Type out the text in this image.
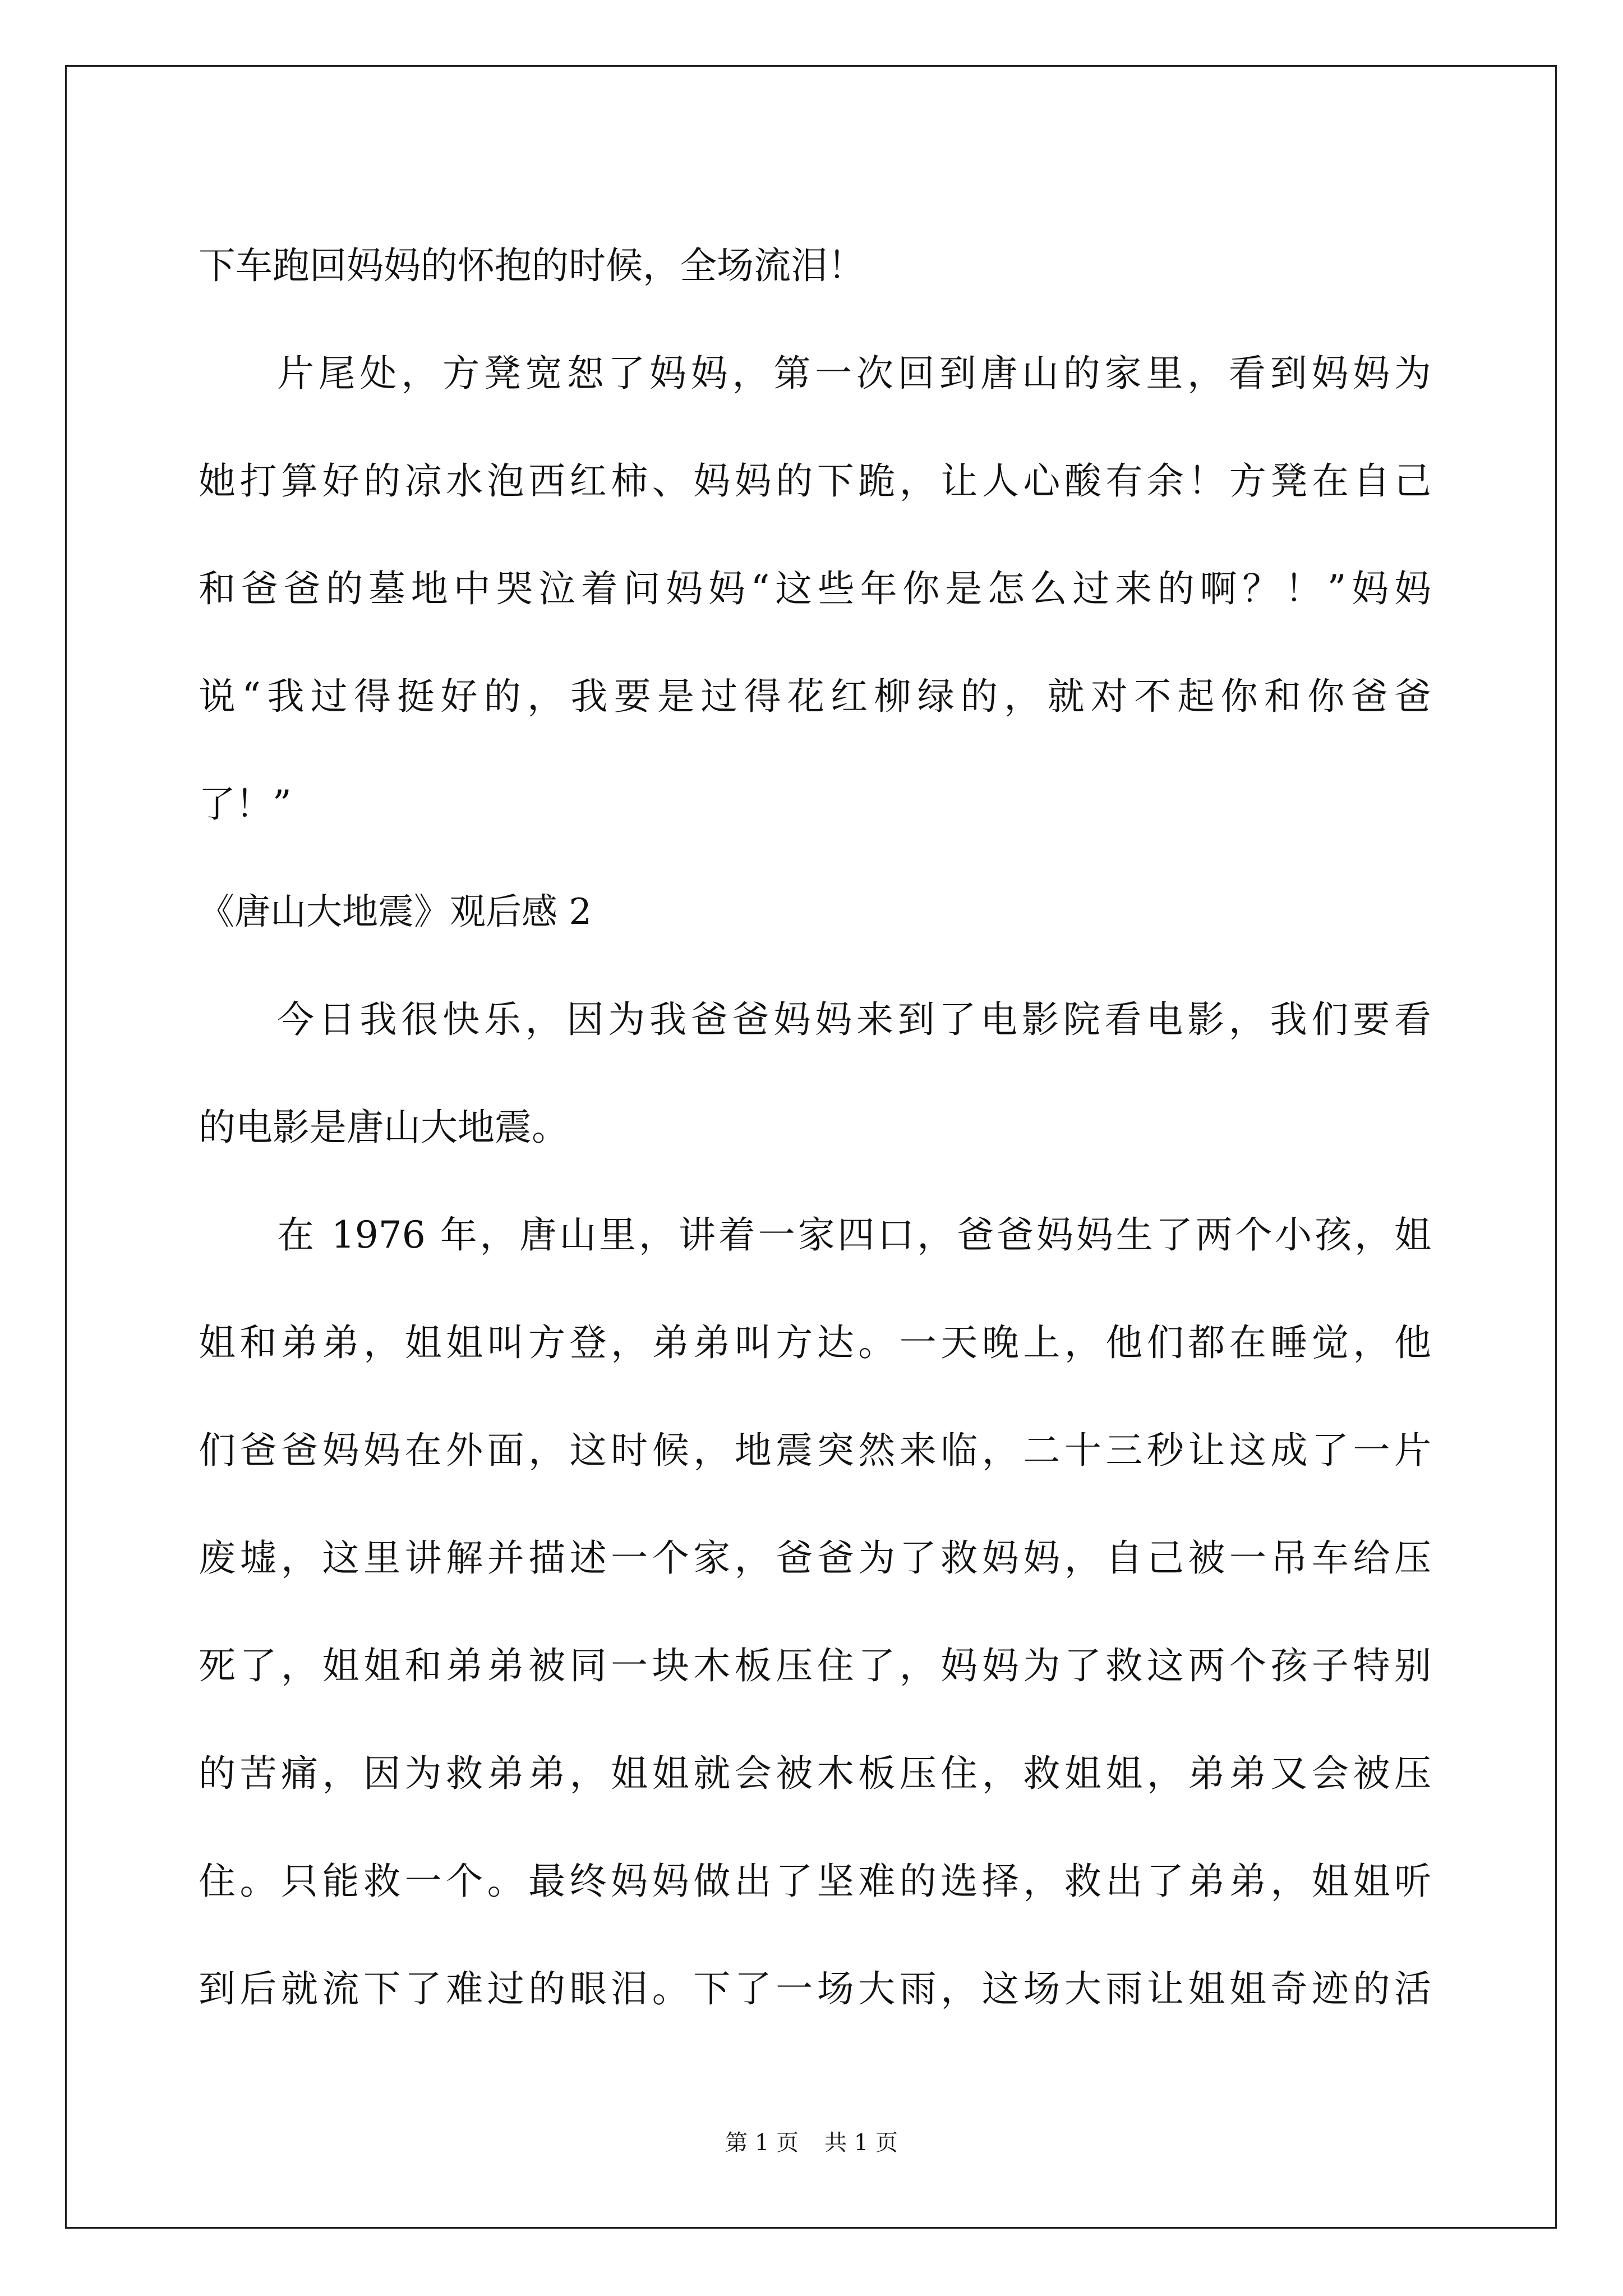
下车跑回妈妈的怀抱的时候，全场流泪！
片尾处，方凳宽恕了妈妈，第一次回到唐山的家里，看到妈妈为
她打算好的凉水泡西红柿、妈妈的下跪，让人心酸有余！方凳在自己
和爸爸的墓地中哭泣着问妈妈“这些年你是怎么过来的啊？！”妈妈
说“我过得挺好的，我要是过得花红柳绿的，就对不起你和你爸爸
了！”
《唐山大地震》观后感 2
今日我很快乐，因为我爸爸妈妈来到了电影院看电影，我们要看
的电影是唐山大地震。
在 1976 年，唐山里，讲着一家四口，爸爸妈妈生了两个小孩，姐
姐和弟弟，姐姐叫方登，弟弟叫方达。一天晚上，他们都在睡觉，他
们爸爸妈妈在外面，这时候，地震突然来临，二十三秒让这成了一片
废墟，这里讲解并描述一个家，爸爸为了救妈妈，自己被一吊车给压
死了，姐姐和弟弟被同一块木板压住了，妈妈为了救这两个孩子特别
的苦痛，因为救弟弟，姐姐就会被木板压住，救姐姐，弟弟又会被压
住。只能救一个。最终妈妈做出了坚难的选择，救出了弟弟，姐姐听
到后就流下了难过的眼泪。下了一场大雨，这场大雨让姐姐奇迹的活
第 1 页 共 1 页
